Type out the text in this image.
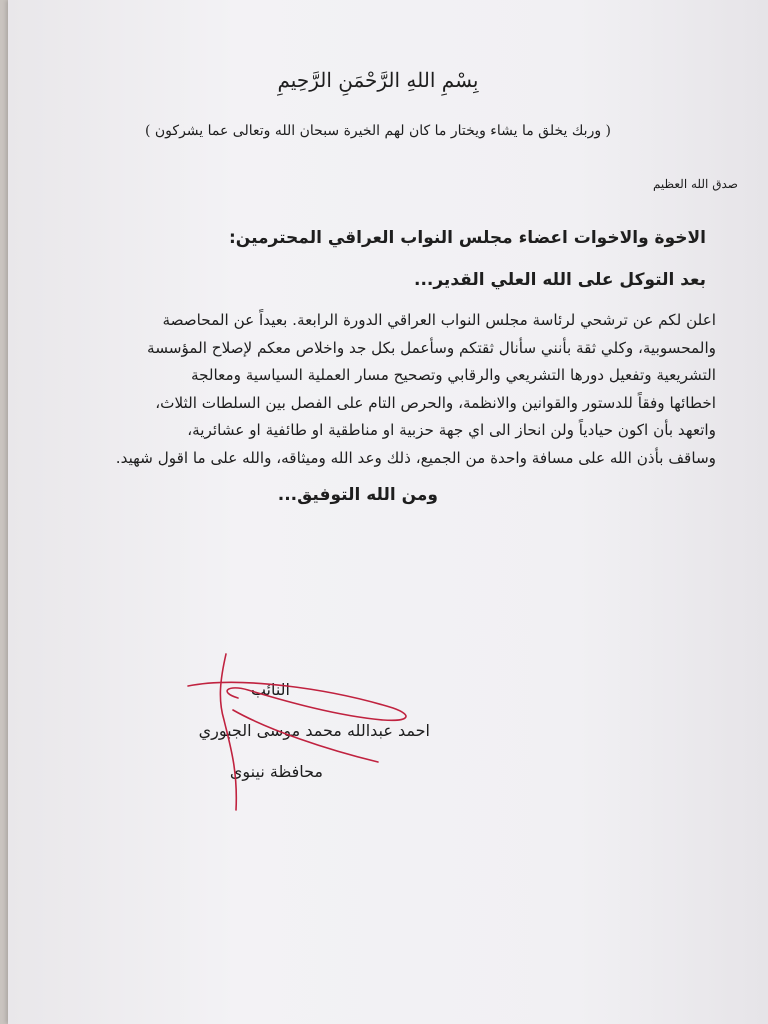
بِسْمِ اللهِ الرَّحْمَنِ الرَّحِيمِ
( وربك يخلق ما يشاء ويختار ما كان لهم الخيرة سبحان الله وتعالى عما يشركون )
صدق الله العظيم
الاخوة والاخوات اعضاء مجلس النواب العراقي المحترمين:
بعد التوكل على الله العلي القدير...
اعلن لكم عن ترشحي لرئاسة مجلس النواب العراقي الدورة الرابعة. بعيداً عن المحاصصة
والمحسوبية، وكلي ثقة بأنني سأنال ثقتكم وسأعمل بكل جد واخلاص معكم لإصلاح المؤسسة
التشريعية وتفعيل دورها التشريعي والرقابي وتصحيح مسار العملية السياسية ومعالجة
اخطائها وفقاً للدستور والقوانين والانظمة، والحرص التام على الفصل بين السلطات الثلاث،
واتعهد بأن اكون حيادياً ولن انحاز الى اي جهة حزبية او مناطقية او طائفية او عشائرية،
وساقف بأذن الله على مسافة واحدة من الجميع، ذلك وعد الله وميثاقه، والله على ما اقول شهيد.
ومن الله التوفيق...
النائب
احمد عبدالله محمد موسى الجبوري
محافظة نينوى
